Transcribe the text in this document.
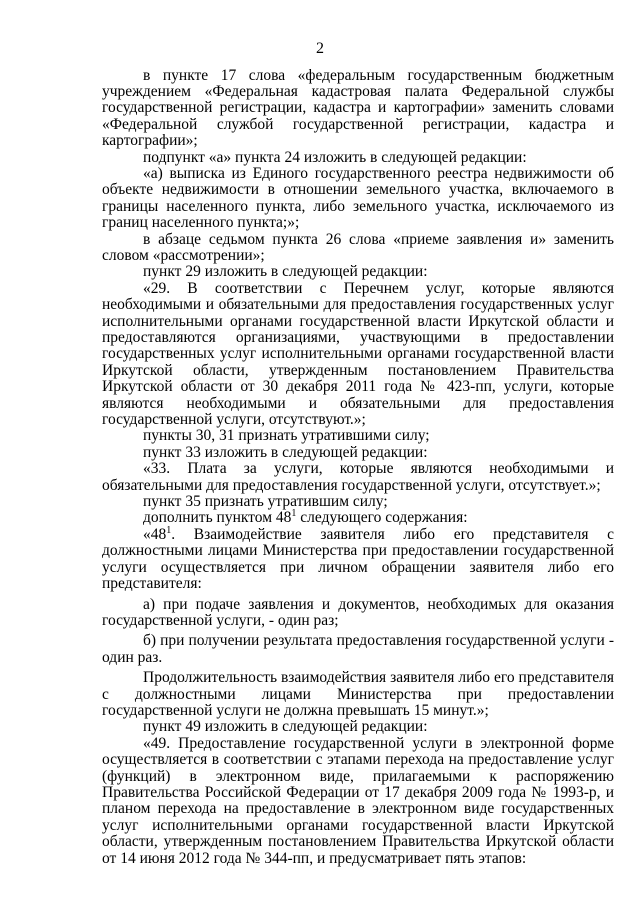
2

в пункте 17 слова «федеральным государственным бюджетным учреждением «Федеральная кадастровая палата Федеральной службы государственной регистрации, кадастра и картографии» заменить словами «Федеральной службой государственной регистрации, кадастра и картографии»;

подпункт «а» пункта 24 изложить в следующей редакции:

«а) выписка из Единого государственного реестра недвижимости об объекте недвижимости в отношении земельного участка, включаемого в границы населенного пункта, либо земельного участка, исключаемого из границ населенного пункта;»;

в абзаце седьмом пункта 26 слова «приеме заявления и» заменить словом «рассмотрении»;

пункт 29 изложить в следующей редакции:

«29. В соответствии с Перечнем услуг, которые являются необходимыми и обязательными для предоставления государственных услуг исполнительными органами государственной власти Иркутской области и предоставляются организациями, участвующими в предоставлении государственных услуг исполнительными органами государственной власти Иркутской области, утвержденным постановлением Правительства Иркутской области от 30 декабря 2011 года № 423-пп, услуги, которые являются необходимыми и обязательными для предоставления государственной услуги, отсутствуют.»;

пункты 30, 31 признать утратившими силу;

пункт 33 изложить в следующей редакции:

«33. Плата за услуги, которые являются необходимыми и обязательными для предоставления государственной услуги, отсутствует.»;

пункт 35 признать утратившим силу;

дополнить пунктом $48^1$ следующего содержания:

«$48^1$. Взаимодействие заявителя либо его представителя с должностными лицами Министерства при предоставлении государственной услуги осуществляется при личном обращении заявителя либо его представителя:

а) при подаче заявления и документов, необходимых для оказания государственной услуги, - один раз;

б) при получении результата предоставления государственной услуги - один раз.

Продолжительность взаимодействия заявителя либо его представителя с должностными лицами Министерства при предоставлении государственной услуги не должна превышать 15 минут.»;

пункт 49 изложить в следующей редакции:

«49. Предоставление государственной услуги в электронной форме осуществляется в соответствии с этапами перехода на предоставление услуг (функций) в электронном виде, прилагаемыми к распоряжению Правительства Российской Федерации от 17 декабря 2009 года № 1993-р, и планом перехода на предоставление в электронном виде государственных услуг исполнительными органами государственной власти Иркутской области, утвержденным постановлением Правительства Иркутской области от 14 июня 2012 года № 344-пп, и предусматривает пять этапов:
